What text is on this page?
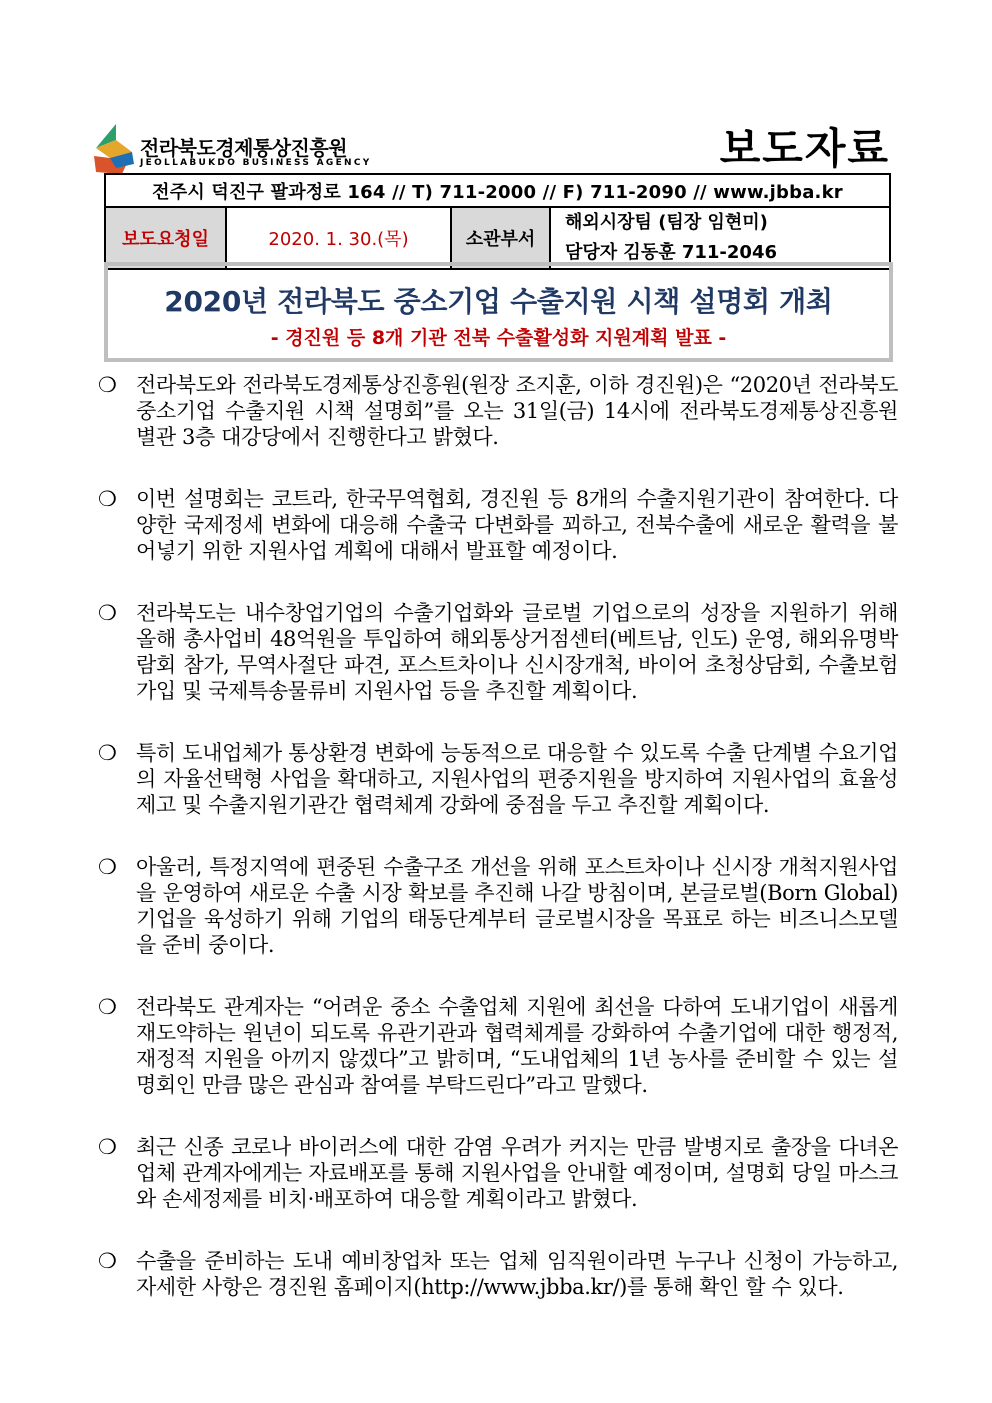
전라북도경제통상진흥원
JEOLLABUKDO BUSINESS AGENCY	보도자료
전주시 덕진구 팔과정로 164 // T) 711-2000 // F) 711-2090 // www.jbba.kr
보도요청일	2020. 1. 30.(목)	소관부서	
해외시장팀 (팀장 임현미)
담당자 김동훈 711-2046
2020년 전라북도 중소기업 수출지원 시책 설명회 개최
- 경진원 등 8개 기관 전북 수출활성화 지원계획 발표 -

❍ 전라북도와 전라북도경제통상진흥원(원장 조지훈, 이하 경진원)은 “2020년 전라북도 중소기업 수출지원 시책 설명회”를 오는 31일(금) 14시에 전라북도경제통상진흥원 별관 3층 대강당에서 진행한다고 밝혔다.

❍ 이번 설명회는 코트라, 한국무역협회, 경진원 등 8개의 수출지원기관이 참여한다. 다양한 국제정세 변화에 대응해 수출국 다변화를 꾀하고, 전북수출에 새로운 활력을 불어넣기 위한 지원사업 계획에 대해서 발표할 예정이다.

❍ 전라북도는 내수창업기업의 수출기업화와 글로벌 기업으로의 성장을 지원하기 위해 올해 총사업비 48억원을 투입하여 해외통상거점센터(베트남, 인도) 운영, 해외유명박람회 참가, 무역사절단 파견, 포스트차이나 신시장개척, 바이어 초청상담회, 수출보험 가입 및 국제특송물류비 지원사업 등을 추진할 계획이다.

❍ 특히 도내업체가 통상환경 변화에 능동적으로 대응할 수 있도록 수출 단계별 수요기업의 자율선택형 사업을 확대하고, 지원사업의 편중지원을 방지하여 지원사업의 효율성 제고 및 수출지원기관간 협력체계 강화에 중점을 두고 추진할 계획이다.

❍ 아울러, 특정지역에 편중된 수출구조 개선을 위해 포스트차이나 신시장 개척지원사업을 운영하여 새로운 수출 시장 확보를 추진해 나갈 방침이며, 본글로벌(Born Global) 기업을 육성하기 위해 기업의 태동단계부터 글로벌시장을 목표로 하는 비즈니스모델을 준비 중이다.

❍ 전라북도 관계자는 “어려운 중소 수출업체 지원에 최선을 다하여 도내기업이 새롭게 재도약하는 원년이 되도록 유관기관과 협력체계를 강화하여 수출기업에 대한 행정적, 재정적 지원을 아끼지 않겠다”고 밝히며, “도내업체의 1년 농사를 준비할 수 있는 설명회인 만큼 많은 관심과 참여를 부탁드린다”라고 말했다.

❍ 최근 신종 코로나 바이러스에 대한 감염 우려가 커지는 만큼 발병지로 출장을 다녀온 업체 관계자에게는 자료배포를 통해 지원사업을 안내할 예정이며, 설명회 당일 마스크와 손세정제를 비치·배포하여 대응할 계획이라고 밝혔다.

❍ 수출을 준비하는 도내 예비창업차 또는 업체 임직원이라면 누구나 신청이 가능하고, 자세한 사항은 경진원 홈페이지(http://www.jbba.kr/)를 통해 확인 할 수 있다.
